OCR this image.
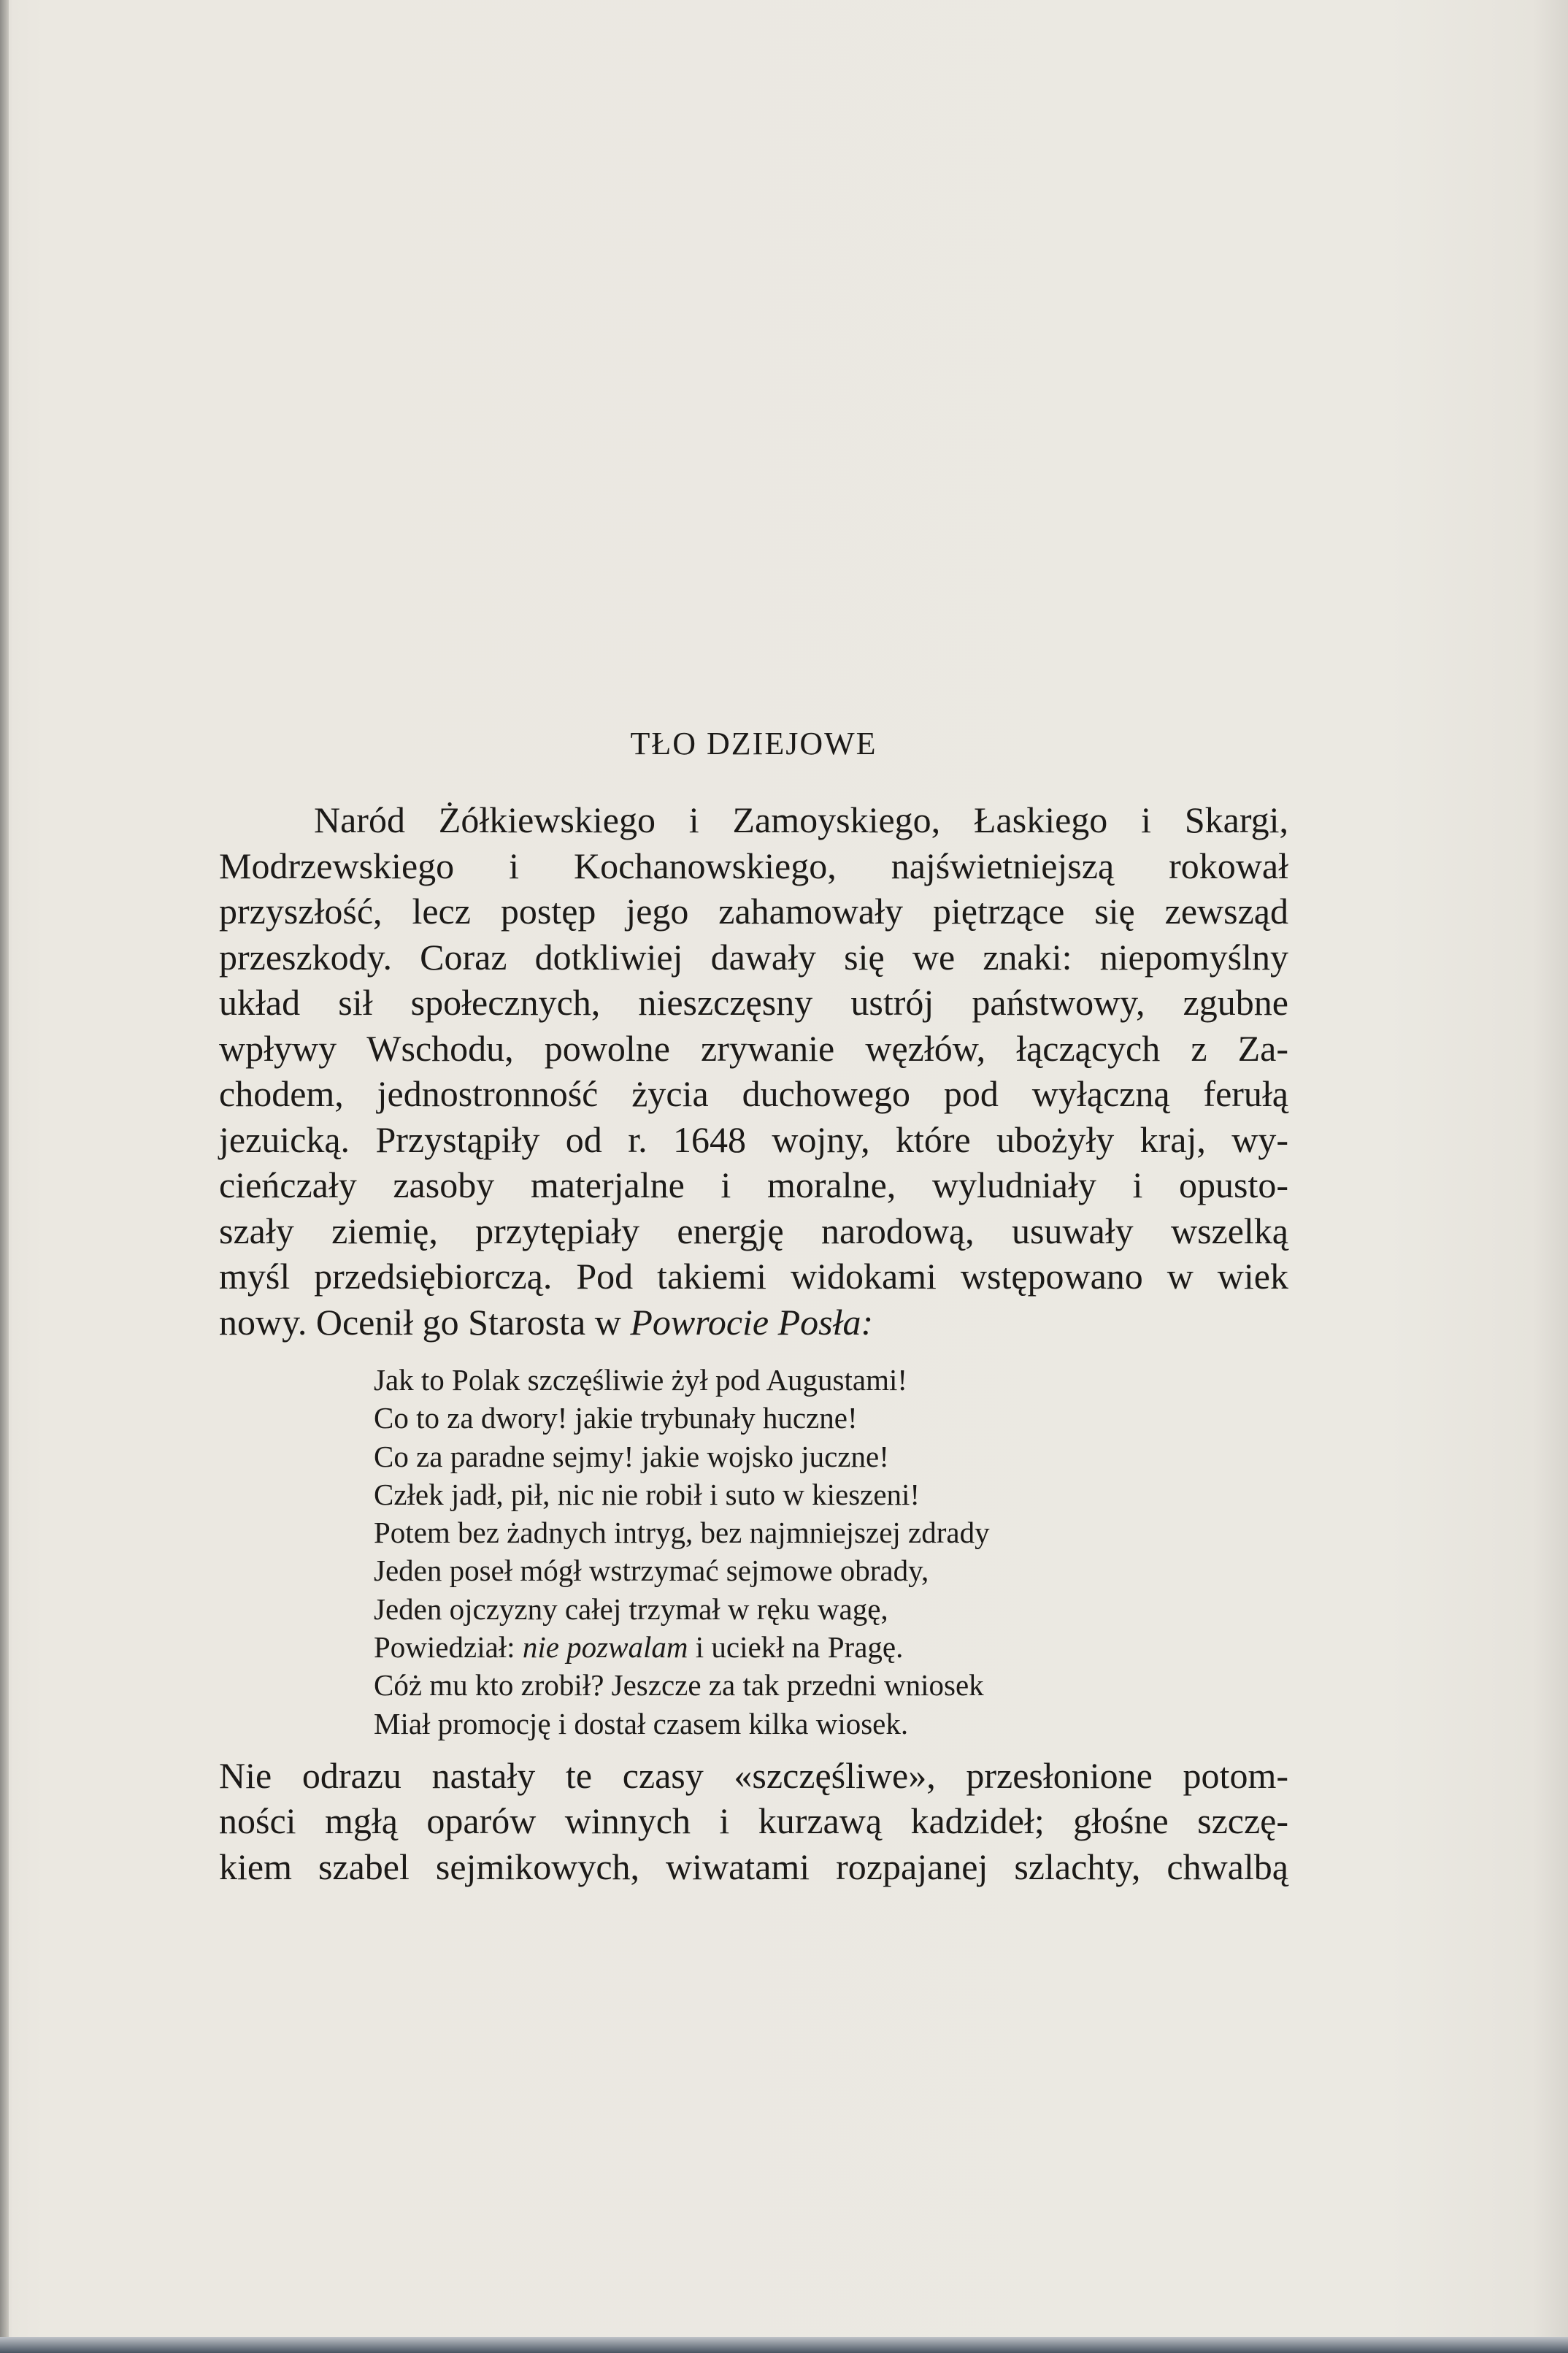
TŁO DZIEJOWE
Naród Żółkiewskiego i Zamoyskiego, Łaskiego i Skargi,
Modrzewskiego i Kochanowskiego, najświetniejszą rokował
przyszłość, lecz postęp jego zahamowały piętrzące się zewsząd
przeszkody. Coraz dotkliwiej dawały się we znaki: niepomyślny
układ sił społecznych, nieszczęsny ustrój państwowy, zgubne
wpływy Wschodu, powolne zrywanie węzłów, łączących z Za-
chodem, jednostronność życia duchowego pod wyłączną ferułą
jezuicką. Przystąpiły od r. 1648 wojny, które ubożyły kraj, wy-
cieńczały zasoby materjalne i moralne, wyludniały i opusto-
szały ziemię, przytępiały energję narodową, usuwały wszelką
myśl przedsiębiorczą. Pod takiemi widokami wstępowano w wiek
nowy. Ocenił go Starosta w Powrocie Posła:
Jak to Polak szczęśliwie żył pod Augustami!
Co to za dwory! jakie trybunały huczne!
Co za paradne sejmy! jakie wojsko juczne!
Człek jadł, pił, nic nie robił i suto w kieszeni!
Potem bez żadnych intryg, bez najmniejszej zdrady
Jeden poseł mógł wstrzymać sejmowe obrady,
Jeden ojczyzny całej trzymał w ręku wagę,
Powiedział: nie pozwalam i uciekł na Pragę.
Cóż mu kto zrobił? Jeszcze za tak przedni wniosek
Miał promocję i dostał czasem kilka wiosek.
Nie odrazu nastały te czasy «szczęśliwe», przesłonione potom-
ności mgłą oparów winnych i kurzawą kadzideł; głośne szczę-
kiem szabel sejmikowych, wiwatami rozpajanej szlachty, chwalbą
